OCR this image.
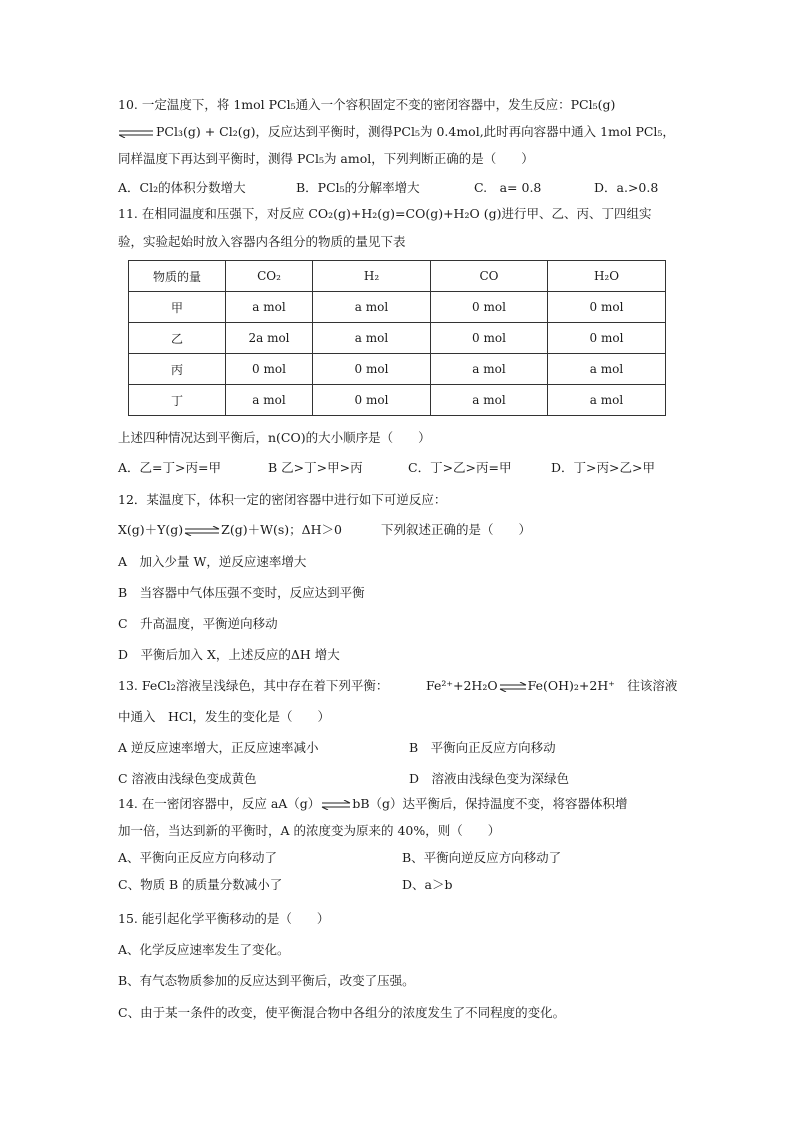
10. 一定温度下，将 1mol PCl₅通入一个容积固定不变的密闭容器中，发生反应：PCl₅(g)
PCl₃(g) + Cl₂(g)，反应达到平衡时，测得PCl₅为 0.4mol,此时再向容器中通入 1mol PCl₅，
同样温度下再达到平衡时，测得 PCl₅为 amol，下列判断正确的是（　　）
A．Cl₂的体积分数增大	B．PCl₅的分解率增大	C.　a= 0.8	D．a.>0.8
11. 在相同温度和压强下，对反应 CO₂(g)+H₂(g)=CO(g)+H₂O (g)进行甲、乙、丙、丁四组实
验，实验起始时放入容器内各组分的物质的量见下表
物质的量	CO₂	H₂	CO	H₂O
甲	a mol	a mol	0 mol	0 mol
乙	2a mol	a mol	0 mol	0 mol
丙	0 mol	0 mol	a mol	a mol
丁	a mol	0 mol	a mol	a mol
上述四种情况达到平衡后，n(CO)的大小顺序是（　　）
A．乙=丁>丙=甲	B 乙>丁>甲>丙	C．丁>乙>丙=甲	D．丁>丙>乙>甲
12．某温度下，体积一定的密闭容器中进行如下可逆反应：
X(g)＋Y(g)⇌Z(g)＋W(s)；ΔH＞0	下列叙述正确的是（　　）
A　加入少量 W，逆反应速率增大
B　当容器中气体压强不变时，反应达到平衡
C　升高温度，平衡逆向移动
D　平衡后加入 X，上述反应的ΔH 增大
13. FeCl₂溶液呈浅绿色，其中存在着下列平衡：	Fe²⁺+2H₂O⇌Fe(OH)₂+2H⁺　往该溶液
中通入　HCl，发生的变化是（　　）
A 逆反应速率增大，正反应速率减小	B　平衡向正反应方向移动
C 溶液由浅绿色变成黄色	D　溶液由浅绿色变为深绿色
14. 在一密闭容器中，反应 aA（g）⇌bB（g）达平衡后，保持温度不变，将容器体积增
加一倍，当达到新的平衡时，A 的浓度变为原来的 40%，则（　　）
A、平衡向正反应方向移动了	B、平衡向逆反应方向移动了
C、物质 B 的质量分数减小了	D、a＞b
15. 能引起化学平衡移动的是（　　）
A、化学反应速率发生了变化。
B、有气态物质参加的反应达到平衡后，改变了压强。
C、由于某一条件的改变，使平衡混合物中各组分的浓度发生了不同程度的变化。
